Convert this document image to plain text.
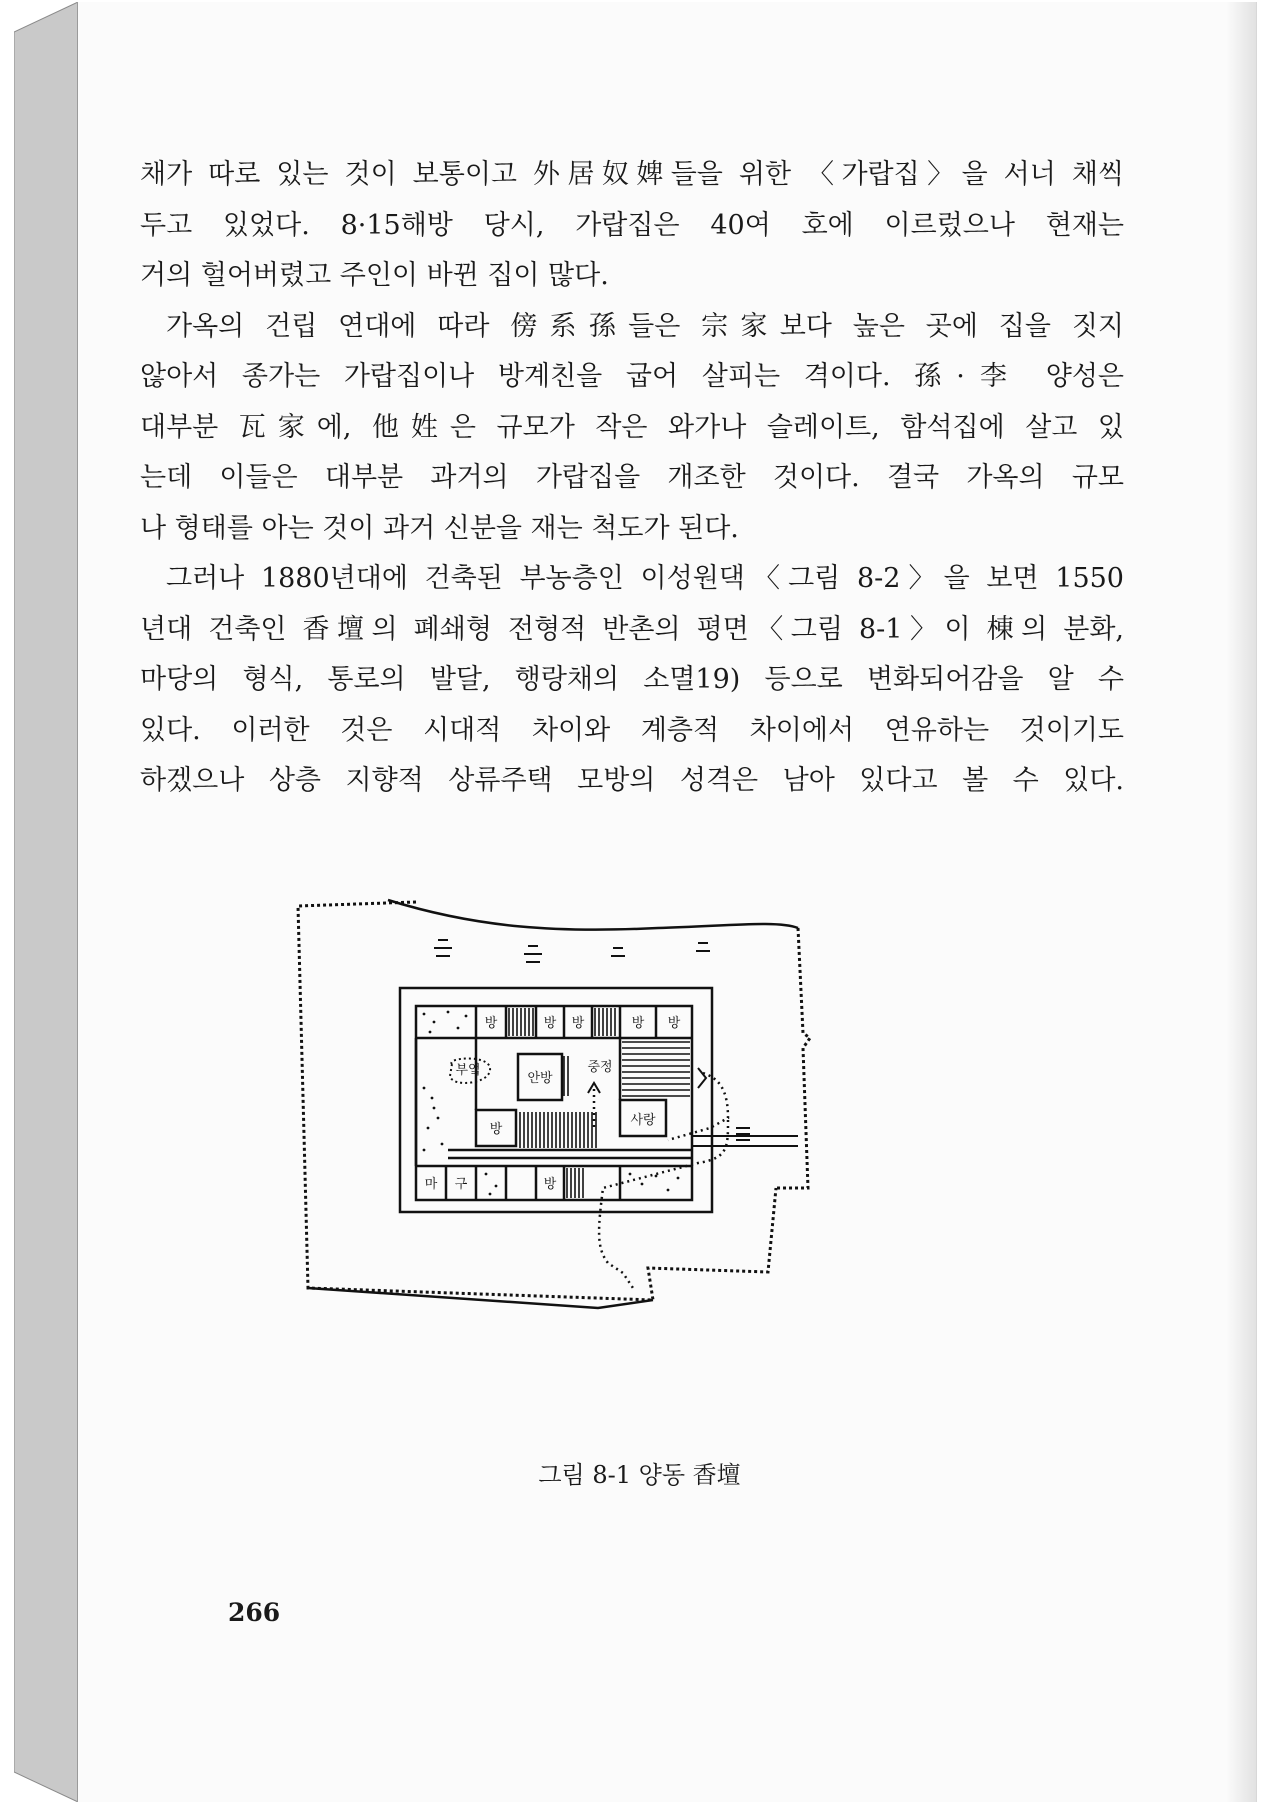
채가 따로 있는 것이 보통이고 外居奴婢들을 위한 〈가랍집〉을 서너 채씩
두고 있었다. 8·15해방 당시, 가랍집은 40여 호에 이르렀으나 현재는
거의 헐어버렸고 주인이 바뀐 집이 많다.

가옥의 건립 연대에 따라 傍系孫들은 宗家보다 높은 곳에 집을 짓지
않아서 종가는 가랍집이나 방계친을 굽어 살피는 격이다. 孫·李 양성은
대부분 瓦家에, 他姓은 규모가 작은 와가나 슬레이트, 함석집에 살고 있
는데 이들은 대부분 과거의 가랍집을 개조한 것이다. 결국 가옥의 규모
나 형태를 아는 것이 과거 신분을 재는 척도가 된다.

그러나 1880년대에 건축된 부농층인 이성원댁〈그림 8-2〉을 보면 1550
년대 건축인 香壇의 폐쇄형 전형적 반촌의 평면〈그림 8-1〉이 棟의 분화,
마당의 형식, 통로의 발달, 행랑채의 소멸19) 등으로 변화되어감을 알 수
있다. 이러한 것은 시대적 차이와 계층적 차이에서 연유하는 것이기도
하겠으나 상층 지향적 상류주택 모방의 성격은 남아 있다고 볼 수 있다.

방	방 방	방 방
부엌
안방
중정
방
사랑
마 구	방
그림 8-1 양동 香壇
266
